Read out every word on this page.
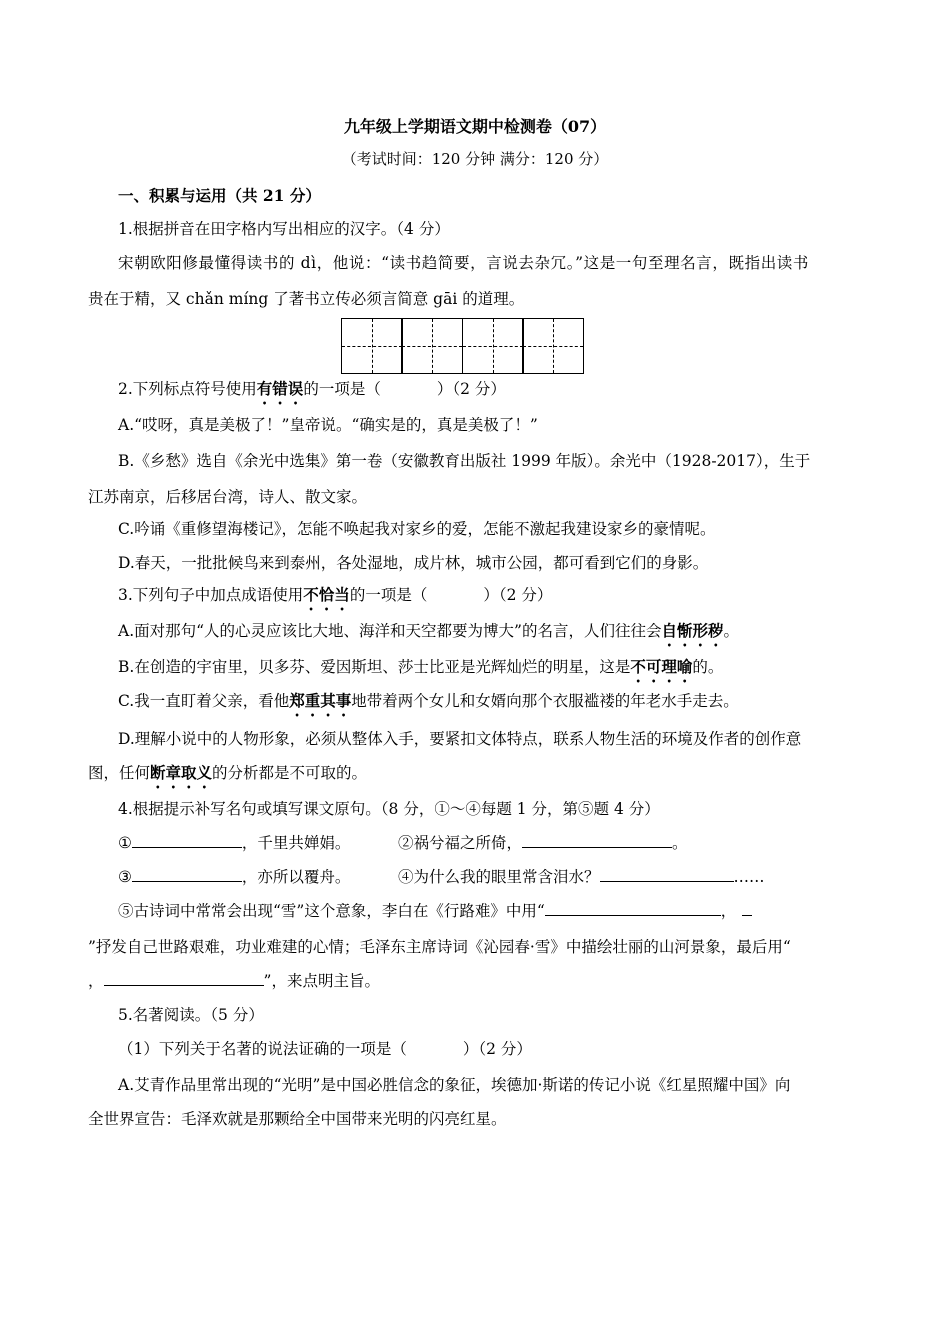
九年级上学期语文期中检测卷（07）
（考试时间：120 分钟 满分：120 分）
一、积累与运用（共 21 分）
1.根据拼音在田字格内写出相应的汉字。（4 分）
宋朝欧阳修最懂得读书的 dì，他说：“读书趋简要，言说去杂冗。”这是一句至理名言，既指出读书
贵在于精，又 chǎn míng 了著书立传必须言简意 gāi 的道理。
2.下列标点符号使用有错误的一项是（	）（2 分）
A.“哎呀，真是美极了！”皇帝说。“确实是的，真是美极了！”
B.《乡愁》选自《余光中选集》第一卷（安徽教育出版社 1999 年版）。余光中（1928-2017），生于
江苏南京，后移居台湾，诗人、散文家。
C.吟诵《重修望海楼记》，怎能不唤起我对家乡的爱，怎能不激起我建设家乡的豪情呢。
D.春天，一批批候鸟来到泰州，各处湿地，成片林，城市公园，都可看到它们的身影。
3.下列句子中加点成语使用不恰当的一项是（	）（2 分）
A.面对那句“人的心灵应该比大地、海洋和天空都要为博大”的名言，人们往往会自惭形秽。
B.在创造的宇宙里，贝多芬、爱因斯坦、莎士比亚是光辉灿烂的明星，这是不可理喻的。
C.我一直盯着父亲，看他郑重其事地带着两个女儿和女婿向那个衣服褴褛的年老水手走去。
D.理解小说中的人物形象，必须从整体入手，要紧扣文体特点，联系人物生活的环境及作者的创作意
图，任何断章取义的分析都是不可取的。
4.根据提示补写名句或填写课文原句。（8 分，①～④每题 1 分，第⑤题 4 分）
①	，千里共婵娟。	②祸兮福之所倚，	。
③	，亦所以覆舟。	④为什么我的眼里常含泪水？	……
⑤古诗词中常常会出现“雪”这个意象，李白在《行路难》中用“	，
”抒发自己世路艰难，功业难建的心情；毛泽东主席诗词《沁园春·雪》中描绘壮丽的山河景象，最后用“
，	”，来点明主旨。
5.名著阅读。（5 分）
（1）下列关于名著的说法证确的一项是（	）（2 分）
A.艾青作品里常出现的“光明”是中国必胜信念的象征，埃德加·斯诺的传记小说《红星照耀中国》向
全世界宣告：毛泽欢就是那颗给全中国带来光明的闪亮红星。
